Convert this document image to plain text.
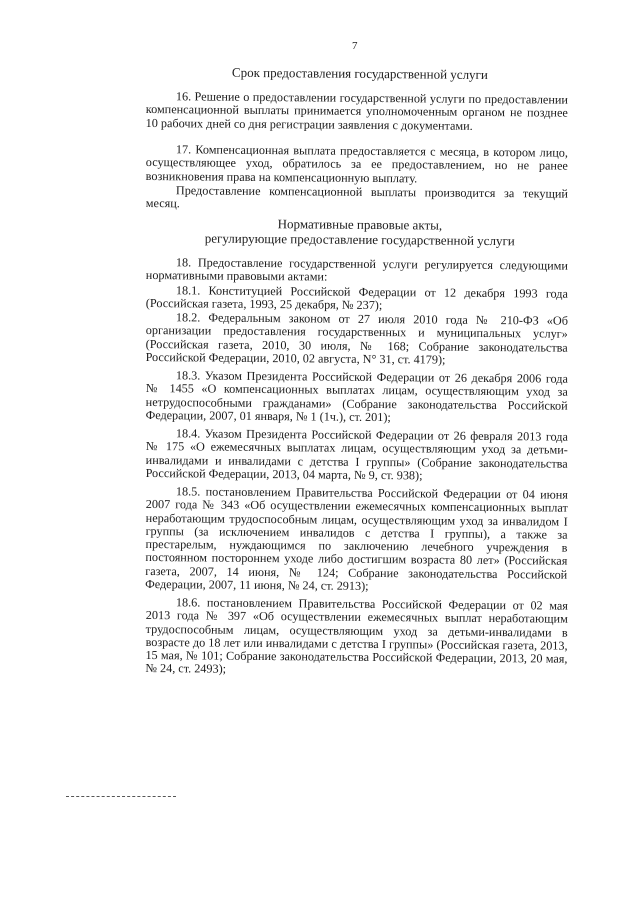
7
Срок предоставления государственной услуги

16. Решение о предоставлении государственной услуги по предоставлении компенсационной выплаты принимается уполномоченным органом не позднее 10 рабочих дней со дня регистрации заявления с документами.

17. Компенсационная выплата предоставляется с месяца, в котором лицо, осуществляющее уход, обратилось за ее предоставлением, но не ранее возникновения права на компенсационную выплату.

Предоставление компенсационной выплаты производится за текущий месяц.

Нормативные правовые акты,
регулирующие предоставление государственной услуги

18. Предоставление государственной услуги регулируется следующими нормативными правовыми актами:

18.1. Конституцией Российской Федерации от 12 декабря 1993 года (Российская газета, 1993, 25 декабря, № 237);

18.2. Федеральным законом от 27 июля 2010 года № 210-ФЗ «Об организации предоставления государственных и муниципальных услуг» (Российская газета, 2010, 30 июля, № 168; Собрание законодательства Российской Федерации, 2010, 02 августа, N° 31, ст. 4179);

18.3. Указом Президента Российской Федерации от 26 декабря 2006 года № 1455 «О компенсационных выплатах лицам, осуществляющим уход за нетрудоспособными гражданами» (Собрание законодательства Российской Федерации, 2007, 01 января, № 1 (1ч.), ст. 201);

18.4. Указом Президента Российской Федерации от 26 февраля 2013 года № 175 «О ежемесячных выплатах лицам, осуществляющим уход за детьми-инвалидами и инвалидами с детства I группы» (Собрание законодательства Российской Федерации, 2013, 04 марта, № 9, ст. 938);

18.5. постановлением Правительства Российской Федерации от 04 июня 2007 года № 343 «Об осуществлении ежемесячных компенсационных выплат неработающим трудоспособным лицам, осуществляющим уход за инвалидом I группы (за исключением инвалидов с детства I группы), а также за престарелым, нуждающимся по заключению лечебного учреждения в постоянном постороннем уходе либо достигшим возраста 80 лет» (Российская газета, 2007, 14 июня, № 124; Собрание законодательства Российской Федерации, 2007, 11 июня, № 24, ст. 2913);

18.6. постановлением Правительства Российской Федерации от 02 мая 2013 года № 397 «Об осуществлении ежемесячных выплат неработающим трудоспособным лицам, осуществляющим уход за детьми-инвалидами в возрасте до 18 лет или инвалидами с детства I группы» (Российская газета, 2013, 15 мая, № 101; Собрание законодательства Российской Федерации, 2013, 20 мая, № 24, ст. 2493);
